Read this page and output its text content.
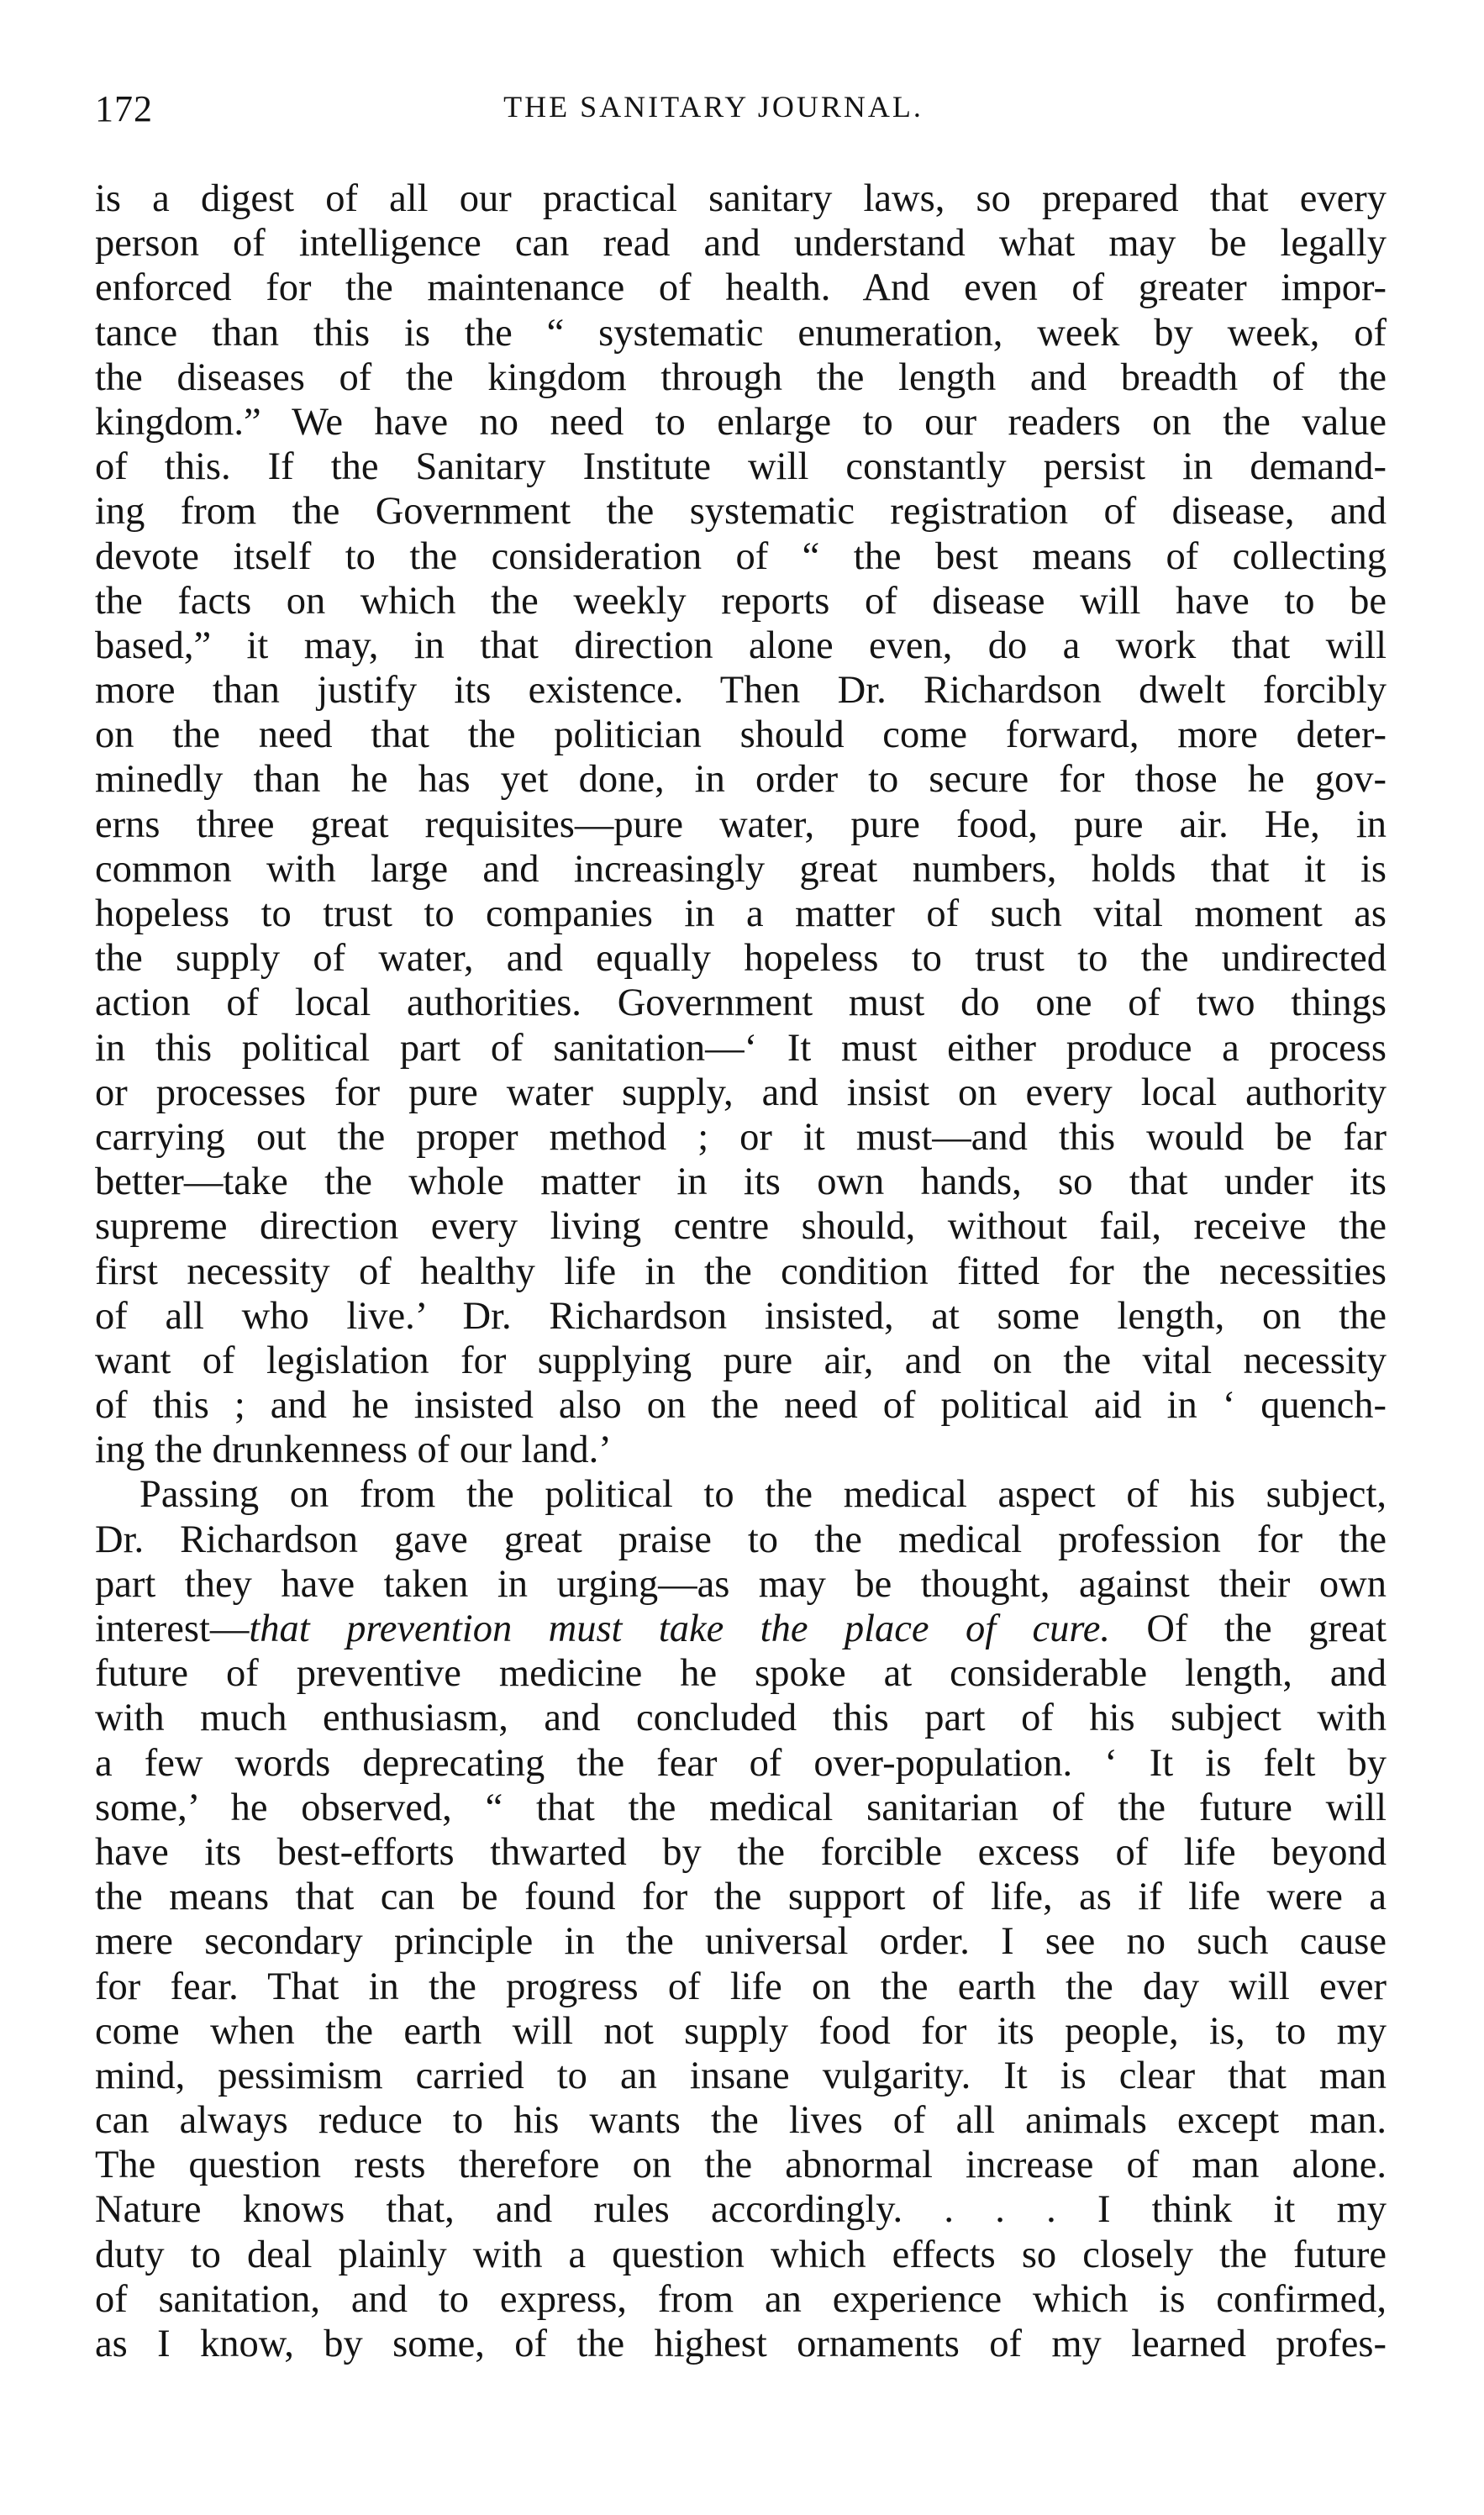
172	THE SANITARY JOURNAL.
is a digest of all our practical sanitary laws, so prepared that every
person of intelligence can read and understand what may be legally
enforced for the maintenance of health. And even of greater impor-
tance than this is the “ systematic enumeration, week by week, of
the diseases of the kingdom through the length and breadth of the
kingdom.” We have no need to enlarge to our readers on the value
of this. If the Sanitary Institute will constantly persist in demand-
ing from the Government the systematic registration of disease, and
devote itself to the consideration of “ the best means of collecting
the facts on which the weekly reports of disease will have to be
based,” it may, in that direction alone even, do a work that will
more than justify its existence. Then Dr. Richardson dwelt forcibly
on the need that the politician should come forward, more deter-
minedly than he has yet done, in order to secure for those he gov-
erns three great requisites—pure water, pure food, pure air. He, in
common with large and increasingly great numbers, holds that it is
hopeless to trust to companies in a matter of such vital moment as
the supply of water, and equally hopeless to trust to the undirected
action of local authorities. Government must do one of two things
in this political part of sanitation—‘ It must either produce a process
or processes for pure water supply, and insist on every local authority
carrying out the proper method ; or it must—and this would be far
better—take the whole matter in its own hands, so that under its
supreme direction every living centre should, without fail, receive the
first necessity of healthy life in the condition fitted for the necessities
of all who live.’ Dr. Richardson insisted, at some length, on the
want of legislation for supplying pure air, and on the vital necessity
of this ; and he insisted also on the need of political aid in ‘ quench-
ing the drunkenness of our land.’
Passing on from the political to the medical aspect of his subject,
Dr. Richardson gave great praise to the medical profession for the
part they have taken in urging—as may be thought, against their own
interest—that prevention must take the place of cure. Of the great
future of preventive medicine he spoke at considerable length, and
with much enthusiasm, and concluded this part of his subject with
a few words deprecating the fear of over-population. ‘ It is felt by
some,’ he observed, “ that the medical sanitarian of the future will
have its best-efforts thwarted by the forcible excess of life beyond
the means that can be found for the support of life, as if life were a
mere secondary principle in the universal order. I see no such cause
for fear. That in the progress of life on the earth the day will ever
come when the earth will not supply food for its people, is, to my
mind, pessimism carried to an insane vulgarity. It is clear that man
can always reduce to his wants the lives of all animals except man.
The question rests therefore on the abnormal increase of man alone.
Nature knows that, and rules accordingly. . . . I think it my
duty to deal plainly with a question which effects so closely the future
of sanitation, and to express, from an experience which is confirmed,
as I know, by some, of the highest ornaments of my learned profes-
